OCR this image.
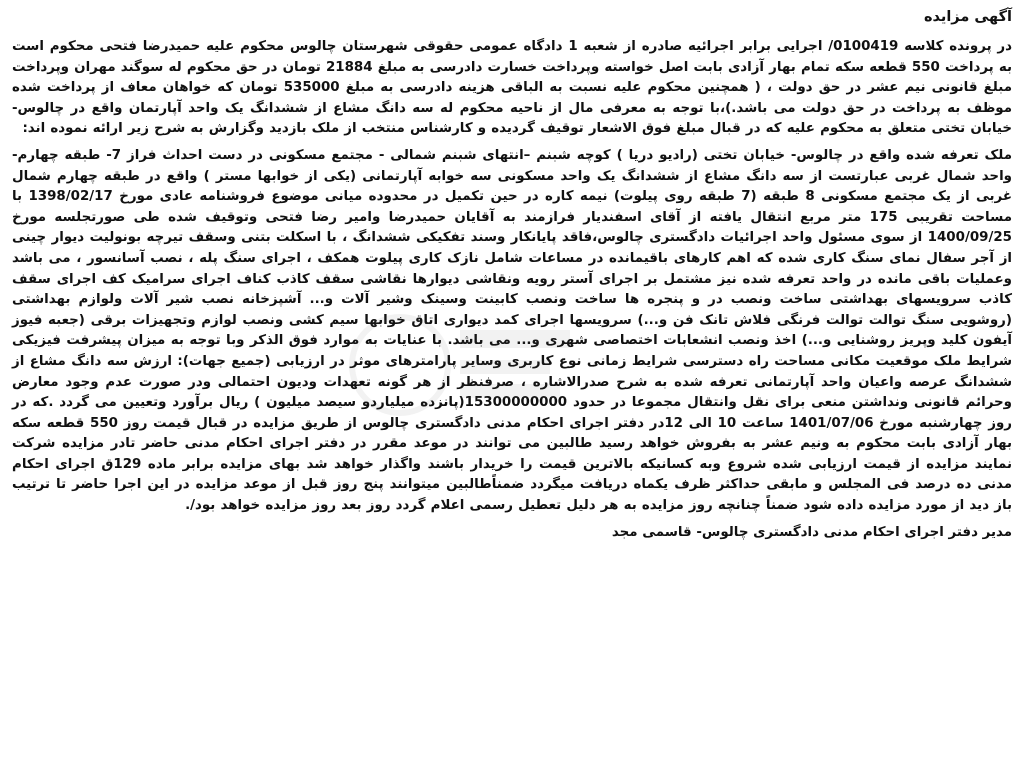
آگهی مزایده

در پرونده کلاسه 0100419/ اجرایی برابر اجرائیه صادره از شعبه 1 دادگاه عمومی حقوقی شهرستان چالوس محکوم علیه حمیدرضا فتحی محکوم است به پرداخت 550 قطعه سکه تمام بهار آزادی بابت اصل خواسته وپرداخت خسارت دادرسی به مبلغ 21884 تومان در حق محکوم له سوگند مهران وپرداخت مبلغ قانونی نیم عشر در حق دولت ، ( همچنین محکوم علیه نسبت به الباقی هزینه دادرسی به مبلغ 535000 تومان که خواهان معاف از پرداخت شده موظف به پرداخت در حق دولت می باشد.)،با توجه به معرفی مال از ناحیه محکوم له سه دانگ مشاع از ششدانگ یک واحد آپارتمان واقع در چالوس- خیابان تختی متعلق به محکوم علیه که در قبال مبلغ فوق الاشعار توقیف گردیده و کارشناس منتخب از ملک بازدید وگزارش به شرح زیر ارائه نموده اند:

ملک تعرفه شده واقع در چالوس- خیابان تختی (رادیو دریا ) کوچه شبنم –انتهای شبنم شمالی - مجتمع مسکونی در دست احداث فراز 7- طبقه چهارم- واحد شمال غربی عبارتست از سه دانگ مشاع از ششدانگ یک واحد مسکونی سه خوابه آپارتمانی (یکی از خوابها مستر ) واقع در طبقه چهارم شمال غربی از یک مجتمع مسکونی 8 طبقه (7 طبقه روی پیلوت) نیمه کاره در حین تکمیل در محدوده میانی موضوع فروشنامه عادی مورخ 1398/02/17 با مساحت تقریبی 175 متر مربع انتقال یافته از آقای اسفندیار فرازمند به آقایان حمیدرضا وامیر رضا فتحی وتوقیف شده طی صورتجلسه مورخ 1400/09/25 از سوی مسئول واحد اجرائیات دادگستری چالوس،فاقد پایانکار وسند تفکیکی ششدانگ ، با اسکلت بتنی وسقف تیرچه بونولیت دیوار چینی از آجر سفال نمای سنگ کاری شده که اهم کارهای باقیمانده در مساعات شامل نازک کاری پیلوت همکف ، اجرای سنگ پله ، نصب آسانسور ، می باشد وعملیات باقی مانده در واحد تعرفه شده نیز مشتمل بر اجرای آستر رویه ونقاشی دیوارها نقاشی سقف کاذب کناف اجرای سرامیک کف اجرای سقف کاذب سرویسهای بهداشتی ساخت ونصب در و پنجره ها ساخت ونصب کابینت وسینک وشیر آلات و... آشپزخانه نصب شیر آلات ولوازم بهداشتی (روشویی سنگ توالت توالت فرنگی فلاش تانک فن و...) سرویسها اجرای کمد دیواری اتاق خوابها سیم کشی ونصب لوازم وتجهیزات برقی (جعبه فیوز آیفون کلید وپریز روشنایی و...) اخذ ونصب انشعابات اختصاصی شهری و... می باشد. با عنایات به موارد فوق الذکر وبا توجه به میزان پیشرفت فیزیکی شرایط ملک موقعیت مکانی مساحت راه دسترسی شرایط زمانی نوع کاربری وسایر پارامترهای موثر در ارزیابی (جمیع جهات): ارزش سه دانگ مشاع از ششدانگ عرصه واعیان واحد آپارتمانی تعرفه شده به شرح صدرالاشاره ، صرفنظر از هر گونه تعهدات ودیون احتمالی ودر صورت عدم وجود معارض وحرائم قانونی ونداشتن منعی برای نقل وانتقال مجموعا در حدود 15300000000(پانزده میلیاردو سیصد میلیون ) ریال برآورد وتعیین می گردد .که در روز چهارشنبه مورخ 1401/07/06 ساعت 10 الی 12در دفتر اجرای احکام مدنی دادگستری چالوس از طریق مزایده در قبال قیمت روز 550 قطعه سکه بهار آزادی بابت محکوم به ونیم عشر به بفروش خواهد رسید طالبین می توانند در موعد مقرر در دفتر اجرای احکام مدنی حاضر تادر مزایده شرکت نمایند مزایده از قیمت ارزیابی شده شروع وبه کسانیکه بالاترین قیمت را خریدار باشند واگذار خواهد شد بهای مزایده برابر ماده 129ق اجرای احکام مدنی ده درصد فی المجلس و مابقی حداکثر ظرف یکماه دریافت میگردد ضمناًطالبین میتوانند پنج روز قبل از موعد مزایده در این اجرا حاضر تا ترتیب باز دید از مورد مزایده داده شود ضمناً چنانچه روز مزایده به هر دلیل تعطیل رسمی اعلام گردد روز بعد روز مزایده خواهد بود/.

مدیر دفتر اجرای احکام مدنی دادگستری چالوس- قاسمی مجد
